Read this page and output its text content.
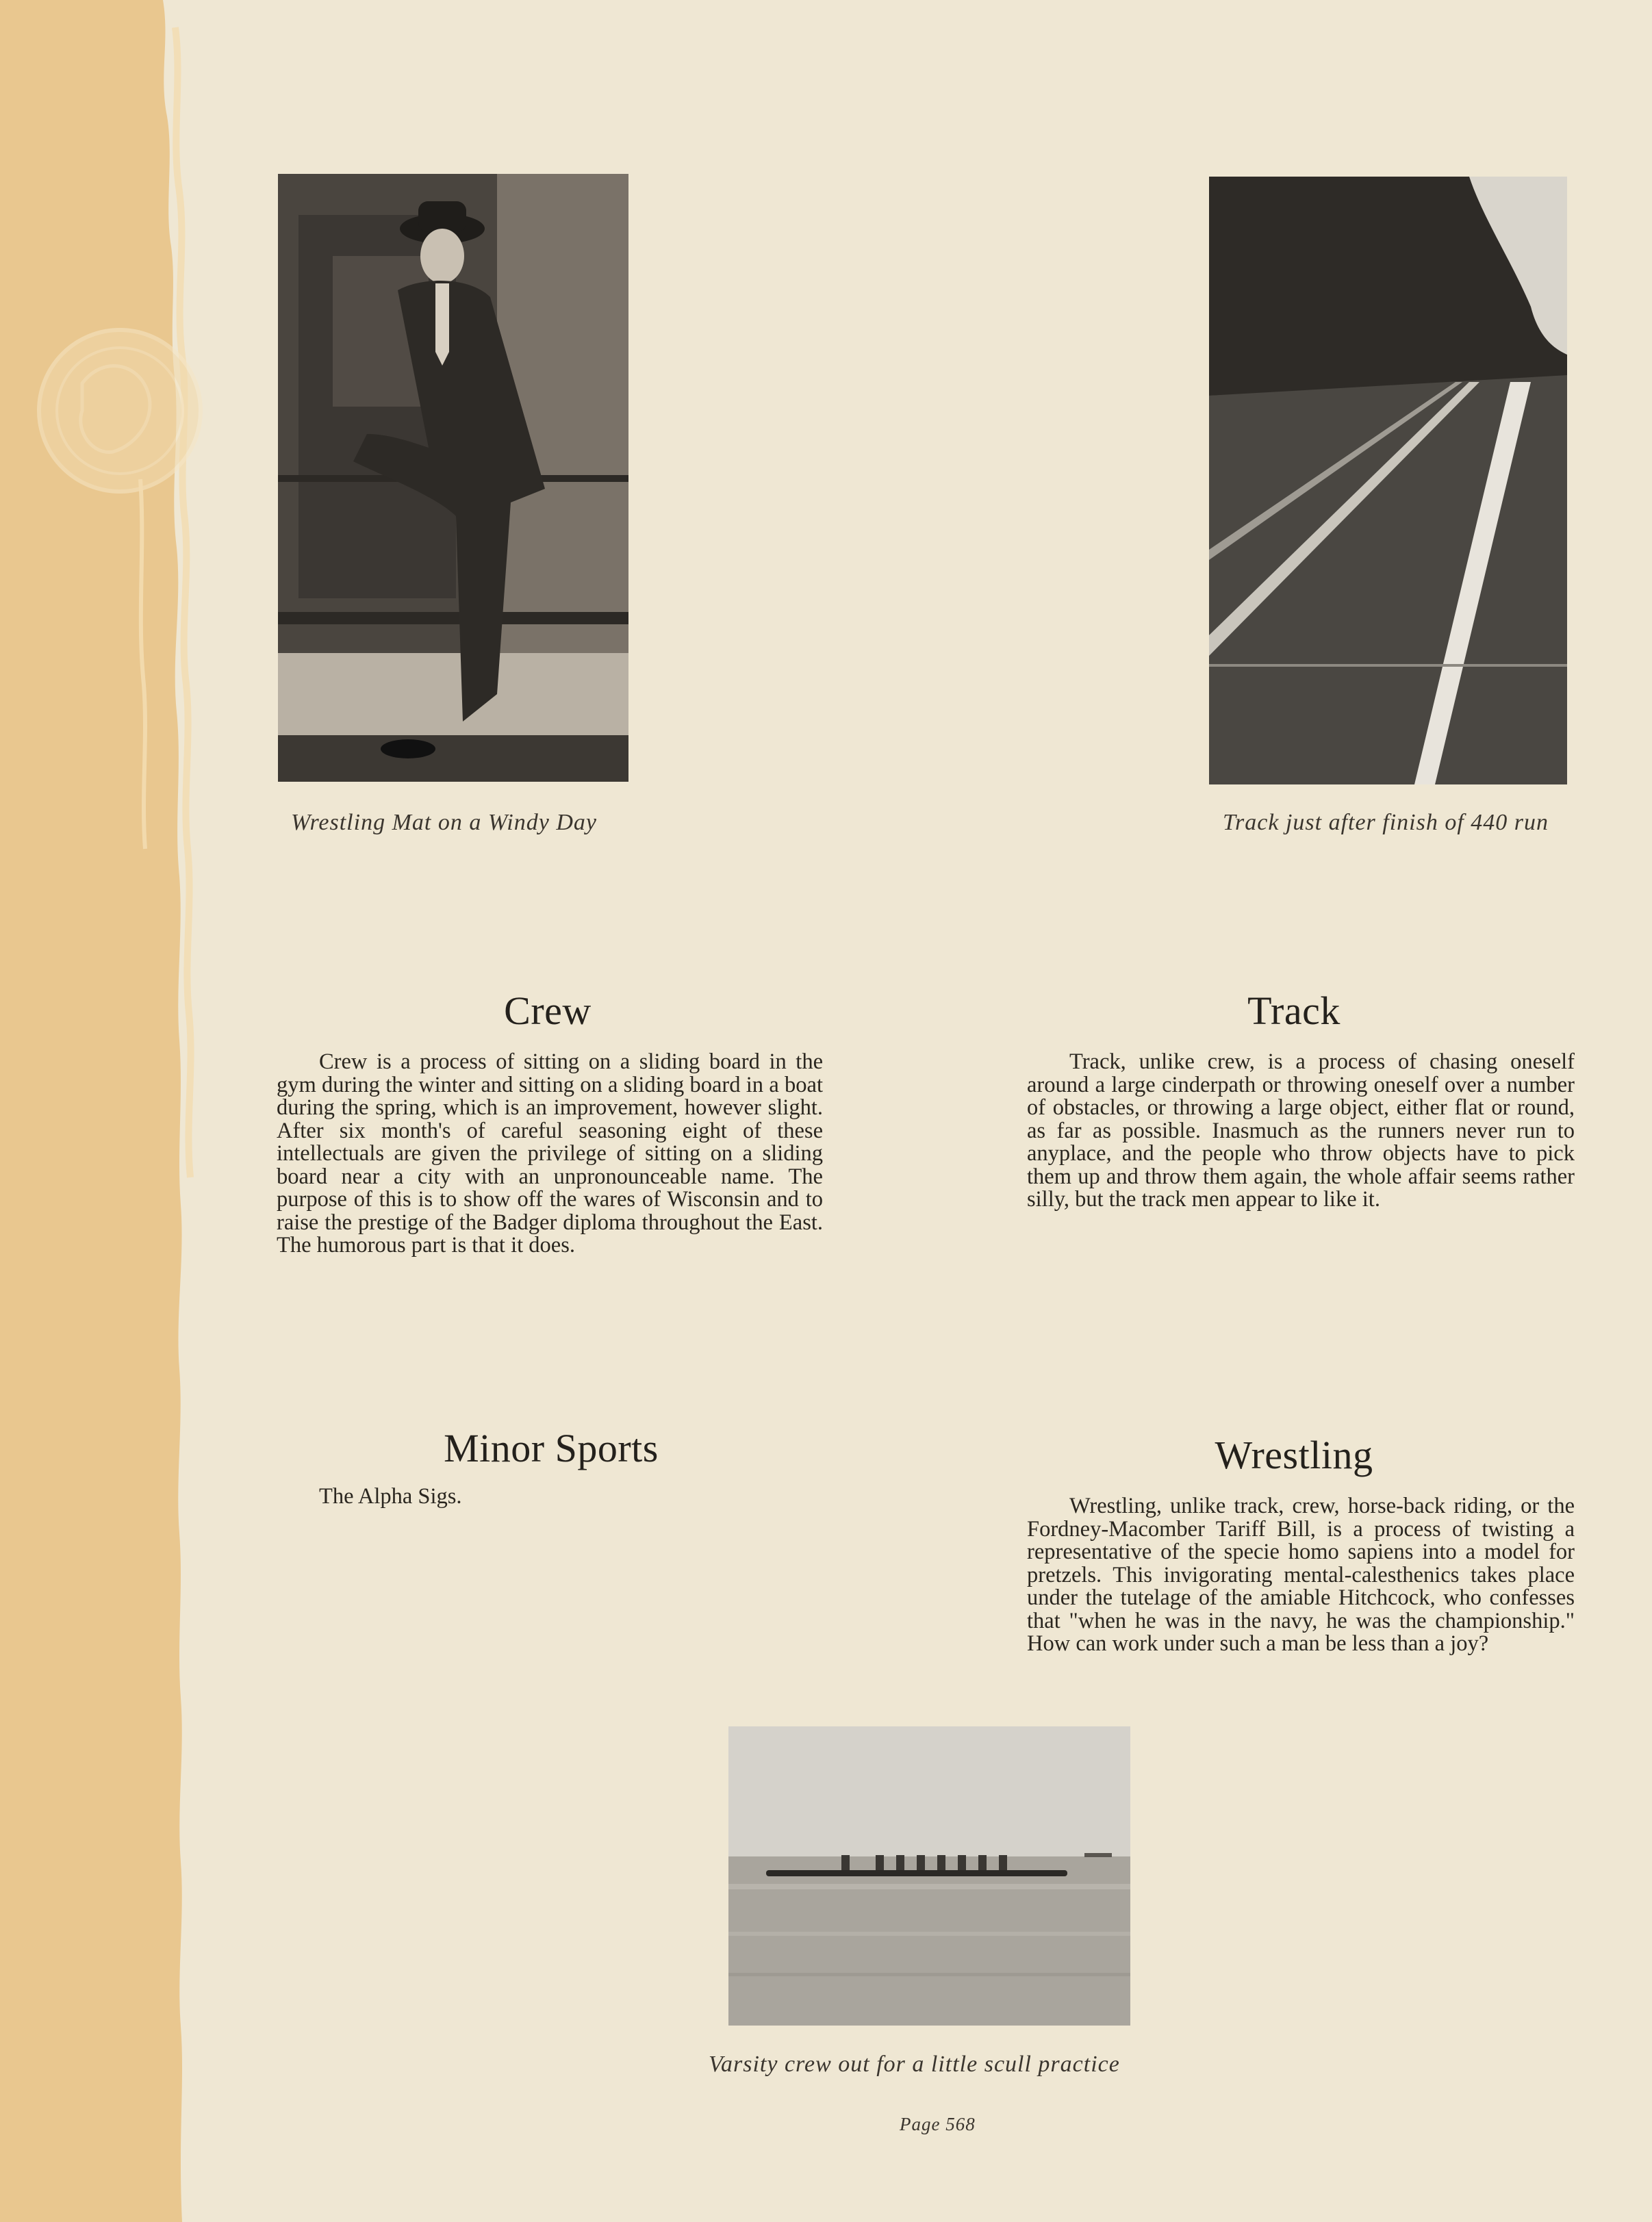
Wrestling Mat on a Windy Day	Track just after finish of 440 run
Crew

Crew is a process of sitting on a sliding board in the gym during the winter and sitting on a sliding board in a boat during the spring, which is an improvement, however slight. After six month's of careful seasoning eight of these intellectuals are given the privilege of sitting on a sliding board near a city with an unpronounceable name. The purpose of this is to show off the wares of Wisconsin and to raise the prestige of the Badger diploma throughout the East. The humorous part is that it does.

Track

Track, unlike crew, is a process of chasing oneself around a large cinderpath or throwing oneself over a number of obstacles, or throwing a large object, either flat or round, as far as possible. Inasmuch as the runners never run to anyplace, and the people who throw objects have to pick them up and throw them again, the whole affair seems rather silly, but the track men appear to like it.

Minor Sports

The Alpha Sigs.

Wrestling

Wrestling, unlike track, crew, horse-back riding, or the Fordney-Macomber Tariff Bill, is a process of twisting a representative of the specie homo sapiens into a model for pretzels. This invigorating mental-calesthenics takes place under the tutelage of the amiable Hitchcock, who confesses that "when he was in the navy, he was the championship." How can work under such a man be less than a joy?

Varsity crew out for a little scull practice
Page 568
